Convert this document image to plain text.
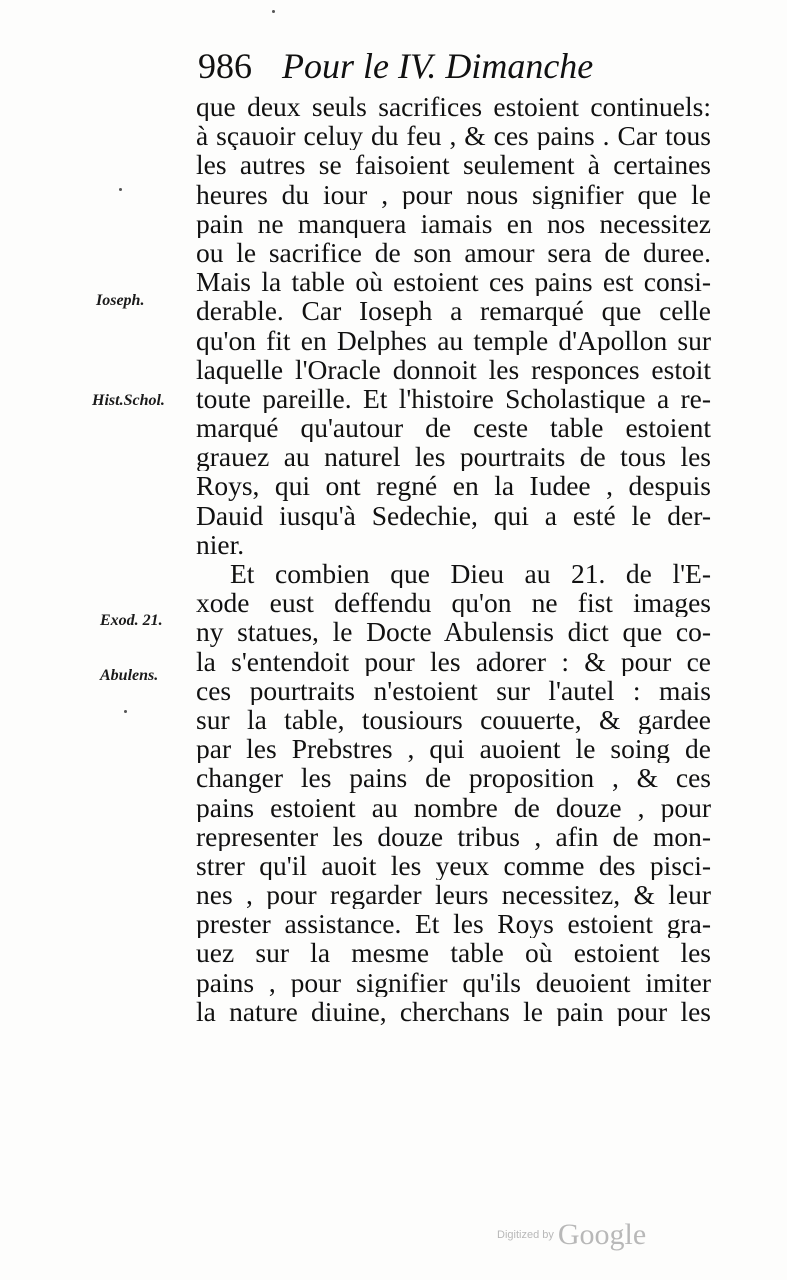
986 Pour le IV. Dimanche
Ioseph.
Hist.Schol.
Exod. 21.
Abulens.
que deux seuls sacrifices estoient continuels:
à sçauoir celuy du feu , & ces pains . Car tous
les autres se faisoient seulement à certaines
heures du iour , pour nous signifier que le
pain ne manquera iamais en nos necessitez
ou le sacrifice de son amour sera de duree.
Mais la table où estoient ces pains est consi-
derable. Car Ioseph a remarqué que celle
qu'on fit en Delphes au temple d'Apollon sur
laquelle l'Oracle donnoit les responces estoit
toute pareille. Et l'histoire Scholastique a re-
marqué qu'autour de ceste table estoient
grauez au naturel les pourtraits de tous les
Roys, qui ont regné en la Iudee , despuis
Dauid iusqu'à Sedechie, qui a esté le der-
nier.
Et combien que Dieu au 21. de l'E-
xode eust deffendu qu'on ne fist images
ny statues, le Docte Abulensis dict que co-
la s'entendoit pour les adorer : & pour ce
ces pourtraits n'estoient sur l'autel : mais
sur la table, tousiours couuerte, & gardee
par les Prebstres , qui auoient le soing de
changer les pains de proposition , & ces
pains estoient au nombre de douze , pour
representer les douze tribus , afin de mon-
strer qu'il auoit les yeux comme des pisci-
nes , pour regarder leurs necessitez, & leur
prester assistance. Et les Roys estoient gra-
uez sur la mesme table où estoient les
pains , pour signifier qu'ils deuoient imiter
la nature diuine, cherchans le pain pour les
Digitized by Google
